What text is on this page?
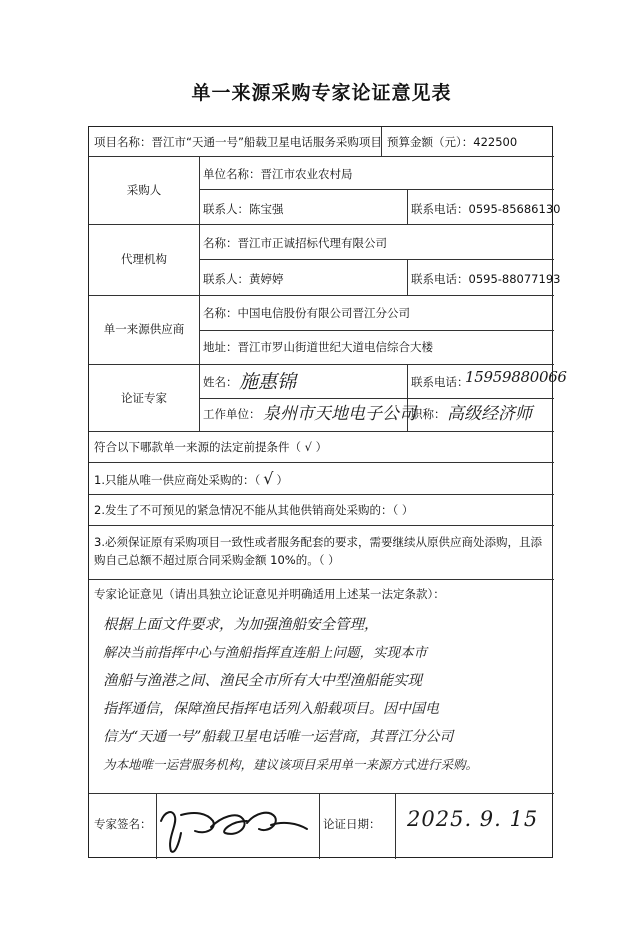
单一来源采购专家论证意见表
项目名称：晋江市“天通一号”船载卫星电话服务采购项目 预算金额（元）：422500
采购人
单位名称：晋江市农业农村局
联系人：陈宝强	联系电话：0595-85686130
代理机构
名称：晋江市正诚招标代理有限公司
联系人：黄婷婷	联系电话：0595-88077193
单一来源供应商
名称：中国电信股份有限公司晋江分公司
地址：晋江市罗山街道世纪大道电信综合大楼
论证专家
姓名： 施惠锦	联系电话：
15959880066
工作单位： 泉州市天地电子公司
职称： 高级经济师
符合以下哪款单一来源的法定前提条件（ √ ）
1.只能从唯一供应商处采购的：（ √ ）
2.发生了不可预见的紧急情况不能从其他供销商处采购的：（ ）
3.必须保证原有采购项目一致性或者服务配套的要求，需要继续从原供应商处添购，且添购自己总额不超过原合同采购金额 10%的。（ ）
专家论证意见（请出具独立论证意见并明确适用上述某一法定条款）：
根据上面文件要求，为加强渔船安全管理，
解决当前指挥中心与渔船指挥直连船上问题，实现本市
渔船与渔港之间、渔民全市所有大中型渔船能实现
指挥通信，保障渔民指挥电话列入船载项目。因中国电
信为“天通一号”船载卫星电话唯一运营商，其晋江分公司
为本地唯一运营服务机构，建议该项目采用单一来源方式进行采购。
专家签名：	论证日期： 2025. 9. 15
